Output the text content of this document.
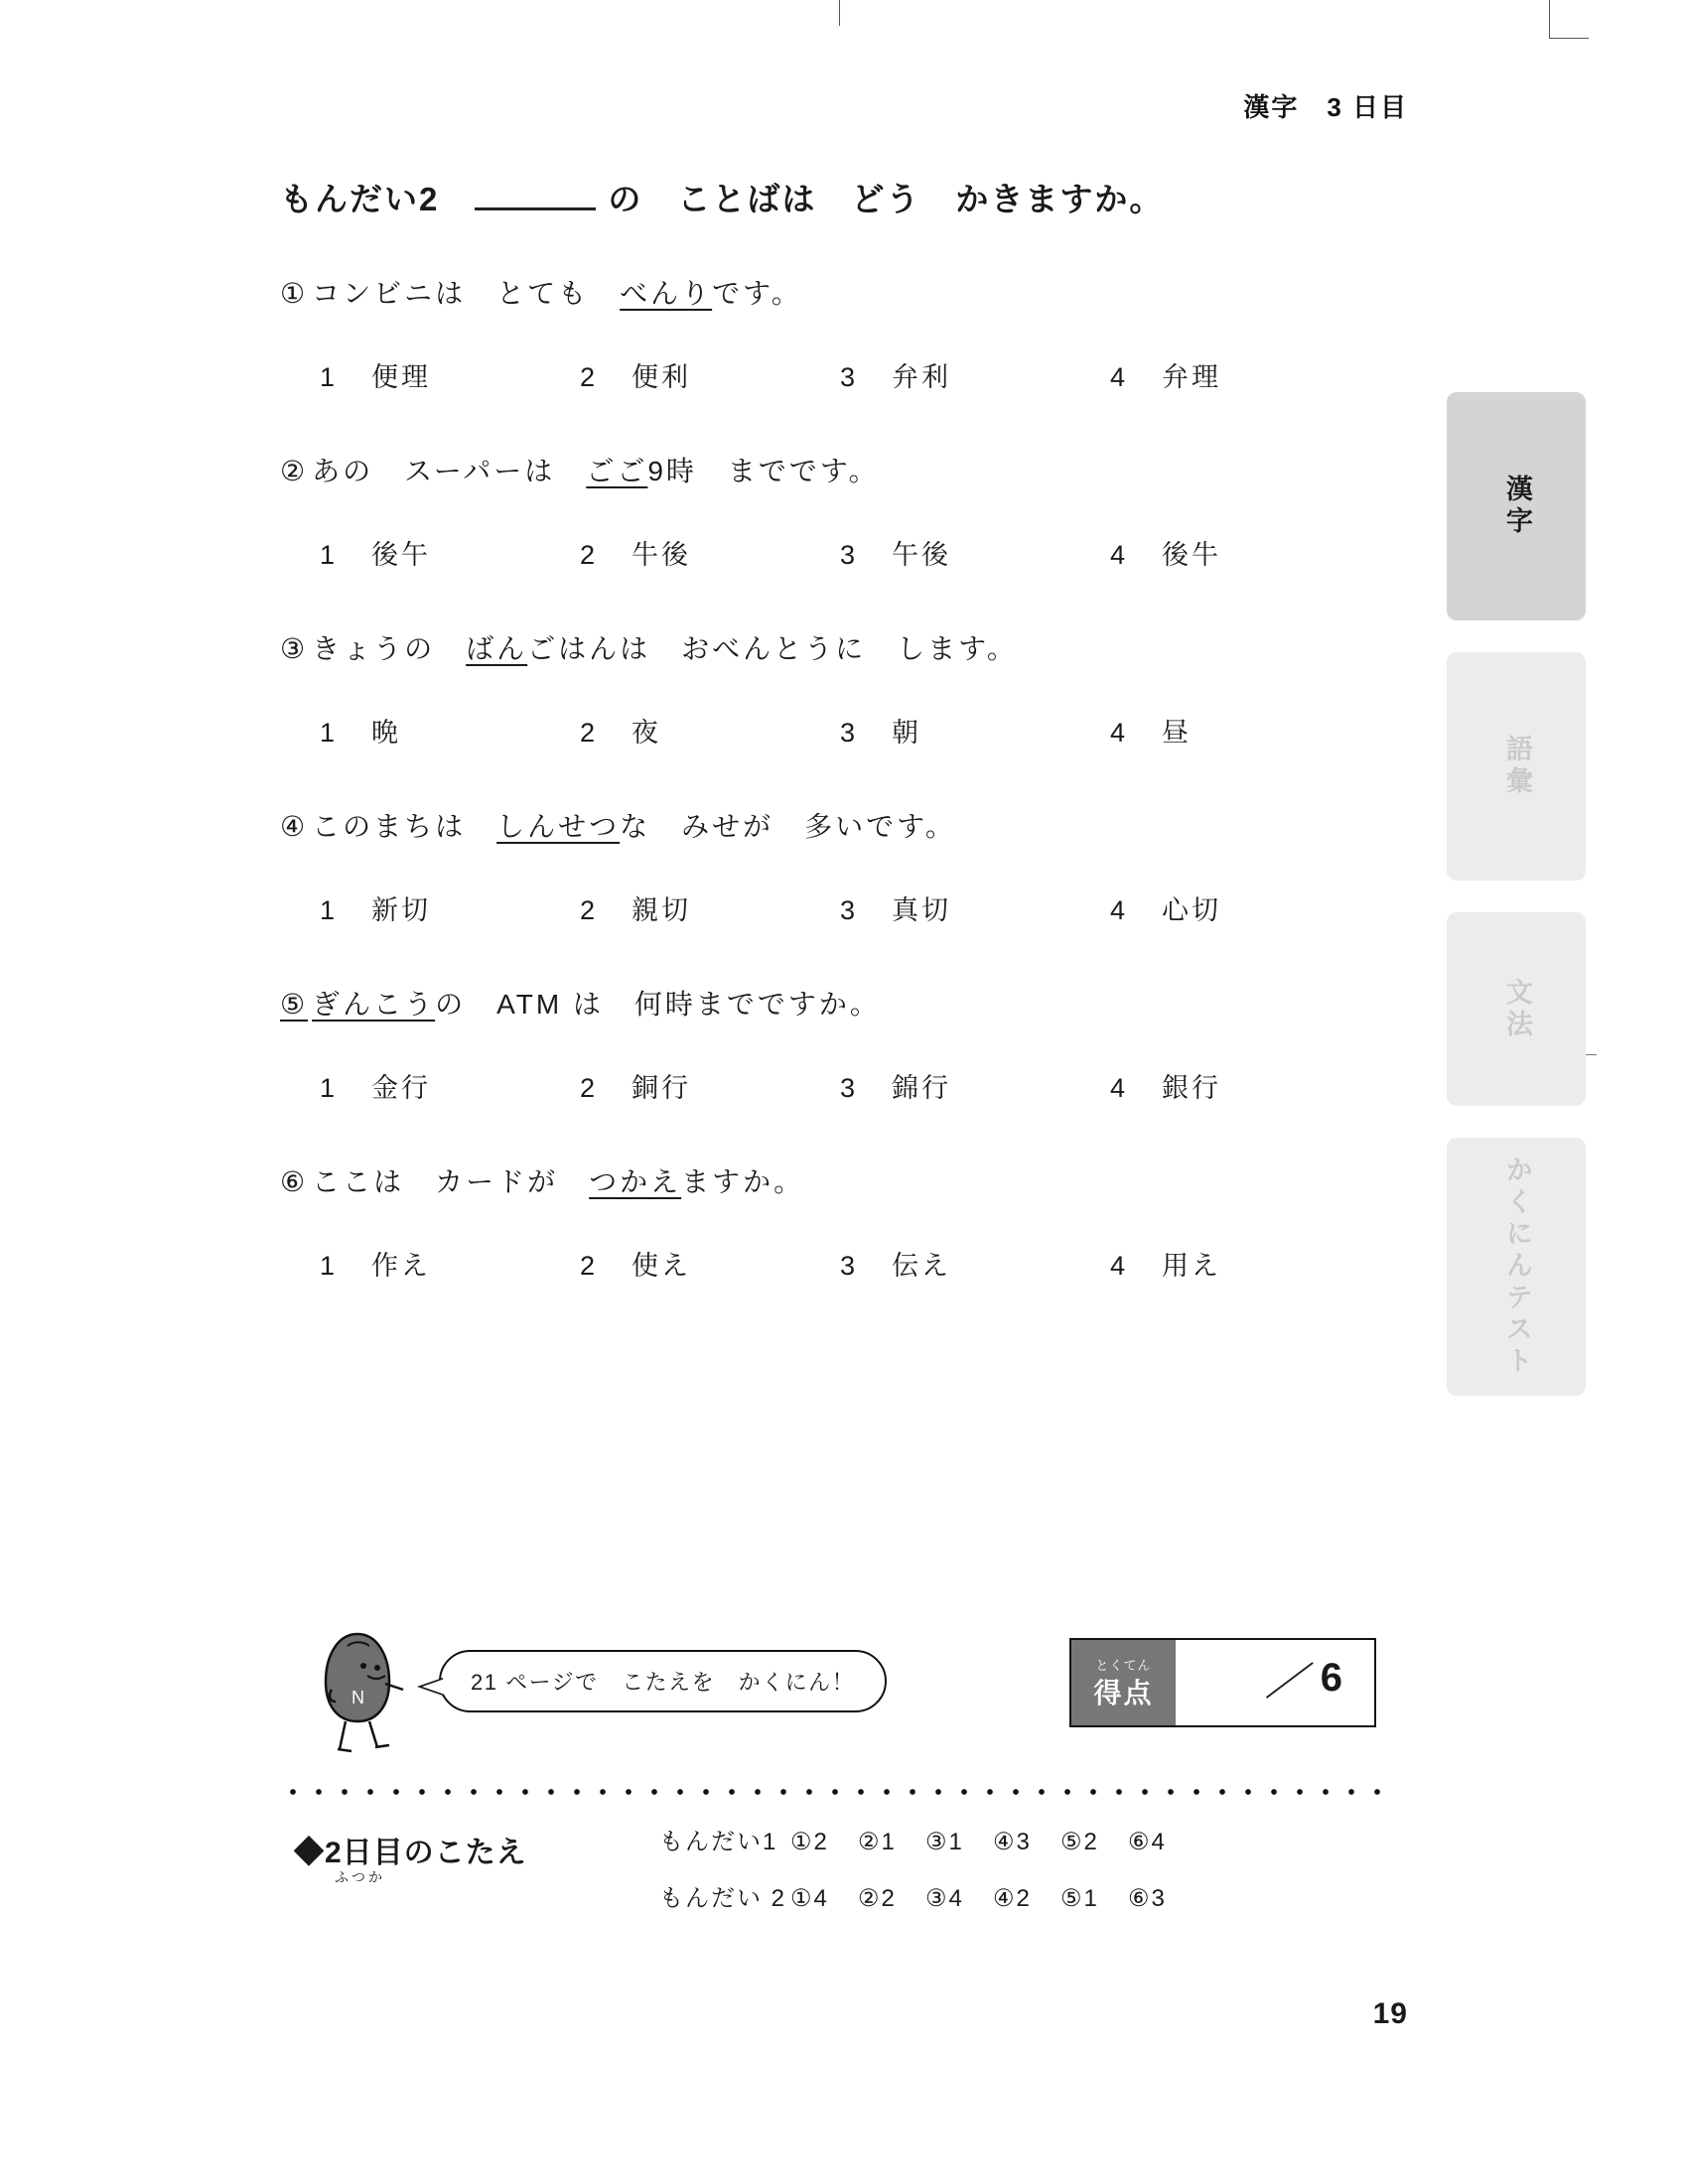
漢字　3 日目
漢字
語彙
文法
かくにんテスト
もんだい2	の　ことばは　どう　かきますか。
① コンビニは　とても　べんりです。
1	便理	2	便利	3	弁利	4	弁理
② あの　スーパーは　ごご9時　までです。
1	後午	2	牛後	3	午後	4	後牛
③ きょうの　ばんごはんは　おべんとうに　します。
1	晩	2	夜	3	朝	4	昼
④ このまちは　しんせつな　みせが　多いです。
1	新切	2	親切	3	真切	4	心切
⑤ ぎんこうの　ATM は　何時までですか。
1	金行	2	銅行	3	錦行	4	銀行
⑥ ここは　カードが　つかえますか。
1	作え	2	使え	3	伝え	4	用え
N
21 ページで　こたえを　かくにん！
とくてん
得点 ／ 6
◆2日目のこたえ
ふつか
もんだい1 ①2	②1	③1	④3	⑤2	⑥4
もんだい 2 ①4	②2	③4	④2	⑤1	⑥3
19
